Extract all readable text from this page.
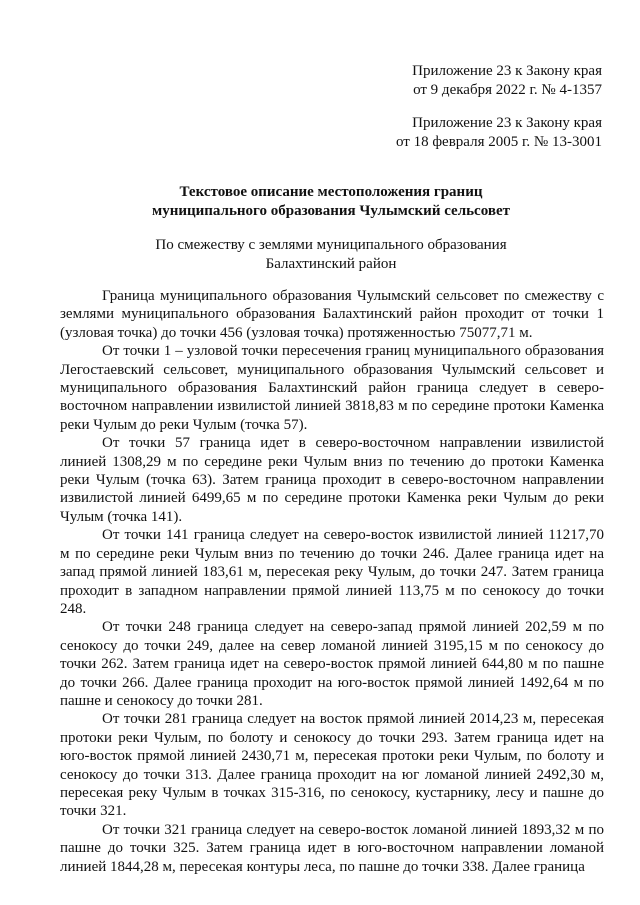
Приложение 23 к Закону края
от 9 декабря 2022 г. № 4-1357
Приложение 23 к Закону края
от 18 февраля 2005 г. № 13-3001
Текстовое описание местоположения границ
муниципального образования Чулымский сельсовет
По смежеству с землями муниципального образования
Балахтинский район

Граница муниципального образования Чулымский сельсовет по смежеству с землями муниципального образования Балахтинский район проходит от точки 1 (узловая точка) до точки 456 (узловая точка) протяженностью 75077,71 м.

От точки 1 – узловой точки пересечения границ муниципального образования Легостаевский сельсовет, муниципального образования Чулымский сельсовет и муниципального образования Балахтинский район граница следует в северо-восточном направлении извилистой линией 3818,83 м по середине протоки Каменка реки Чулым до реки Чулым (точка 57).

От точки 57 граница идет в северо-восточном направлении извилистой линией 1308,29 м по середине реки Чулым вниз по течению до протоки Каменка реки Чулым (точка 63). Затем граница проходит в северо-восточном направлении извилистой линией 6499,65 м по середине протоки Каменка реки Чулым до реки Чулым (точка 141).

От точки 141 граница следует на северо-восток извилистой линией 11217,70 м по середине реки Чулым вниз по течению до точки 246. Далее граница идет на запад прямой линией 183,61 м, пересекая реку Чулым, до точки 247. Затем граница проходит в западном направлении прямой линией 113,75 м по сенокосу до точки 248.

От точки 248 граница следует на северо-запад прямой линией 202,59 м по сенокосу до точки 249, далее на север ломаной линией 3195,15 м по сенокосу до точки 262. Затем граница идет на северо-восток прямой линией 644,80 м по пашне до точки 266. Далее граница проходит на юго-восток прямой линией 1492,64 м по пашне и сенокосу до точки 281.

От точки 281 граница следует на восток прямой линией 2014,23 м, пересекая протоки реки Чулым, по болоту и сенокосу до точки 293. Затем граница идет на юго-восток прямой линией 2430,71 м, пересекая протоки реки Чулым, по болоту и сенокосу до точки 313. Далее граница проходит на юг ломаной линией 2492,30 м, пересекая реку Чулым в точках 315-316, по сенокосу, кустарнику, лесу и пашне до точки 321.

От точки 321 граница следует на северо-восток ломаной линией 1893,32 м по пашне до точки 325. Затем граница идет в юго-восточном направлении ломаной линией 1844,28 м, пересекая контуры леса, по пашне до точки 338. Далее граница
